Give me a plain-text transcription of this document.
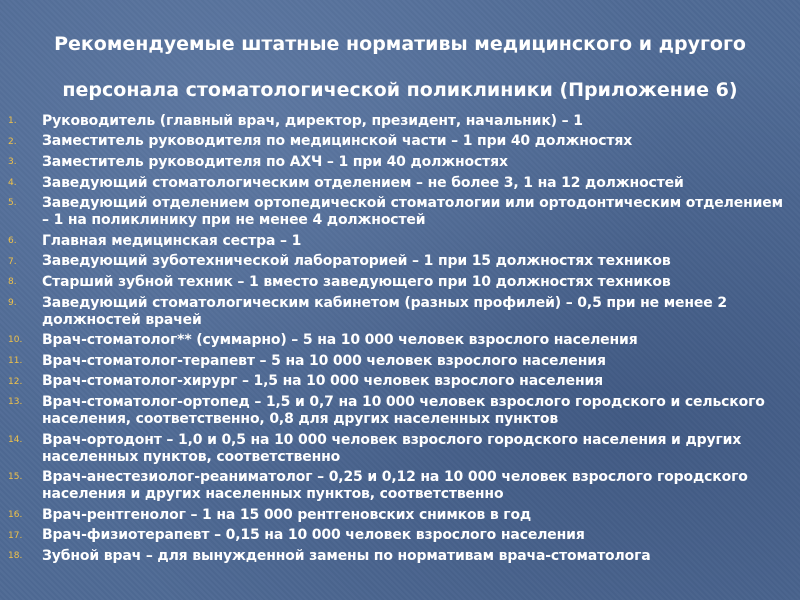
Рекомендуемые штатные нормативы медицинского и другого
персонала стоматологической поликлиники (Приложение 6)
1.	Руководитель (главный врач, директор, президент, начальник) – 1
2.	Заместитель руководителя по медицинской части – 1 при 40 должностях
3.	Заместитель руководителя по АХЧ – 1 при 40 должностях
4.	Заведующий стоматологическим отделением – не более 3, 1 на 12 должностей
5.	Заведующий отделением ортопедической стоматологии или ортодонтическим отделением – 1 на поликлинику при не менее 4 должностей
6.	Главная медицинская сестра – 1
7.	Заведующий зуботехнической лабораторией – 1 при 15 должностях техников
8.	Старший зубной техник – 1 вместо заведующего при 10 должностях техников
9.	Заведующий стоматологическим кабинетом (разных профилей) – 0,5 при не менее 2 должностей врачей
10.	Врач-стоматолог** (суммарно) – 5 на 10 000 человек взрослого населения
11.	Врач-стоматолог-терапевт – 5 на 10 000 человек взрослого населения
12.	Врач-стоматолог-хирург – 1,5 на 10 000 человек взрослого населения
13.	Врач-стоматолог-ортопед – 1,5 и 0,7 на 10 000 человек взрослого городского и сельского населения, соответственно, 0,8 для других населенных пунктов
14.	Врач-ортодонт – 1,0 и 0,5 на 10 000 человек взрослого городского населения и других населенных пунктов, соответственно
15.	Врач-анестезиолог-реаниматолог – 0,25 и 0,12 на 10 000 человек взрослого городского населения и других населенных пунктов, соответственно
16.	Врач-рентгенолог – 1 на 15 000 рентгеновских снимков в год
17.	Врач-физиотерапевт – 0,15 на 10 000 человек взрослого населения
18.	Зубной врач – для вынужденной замены по нормативам врача-стоматолога
